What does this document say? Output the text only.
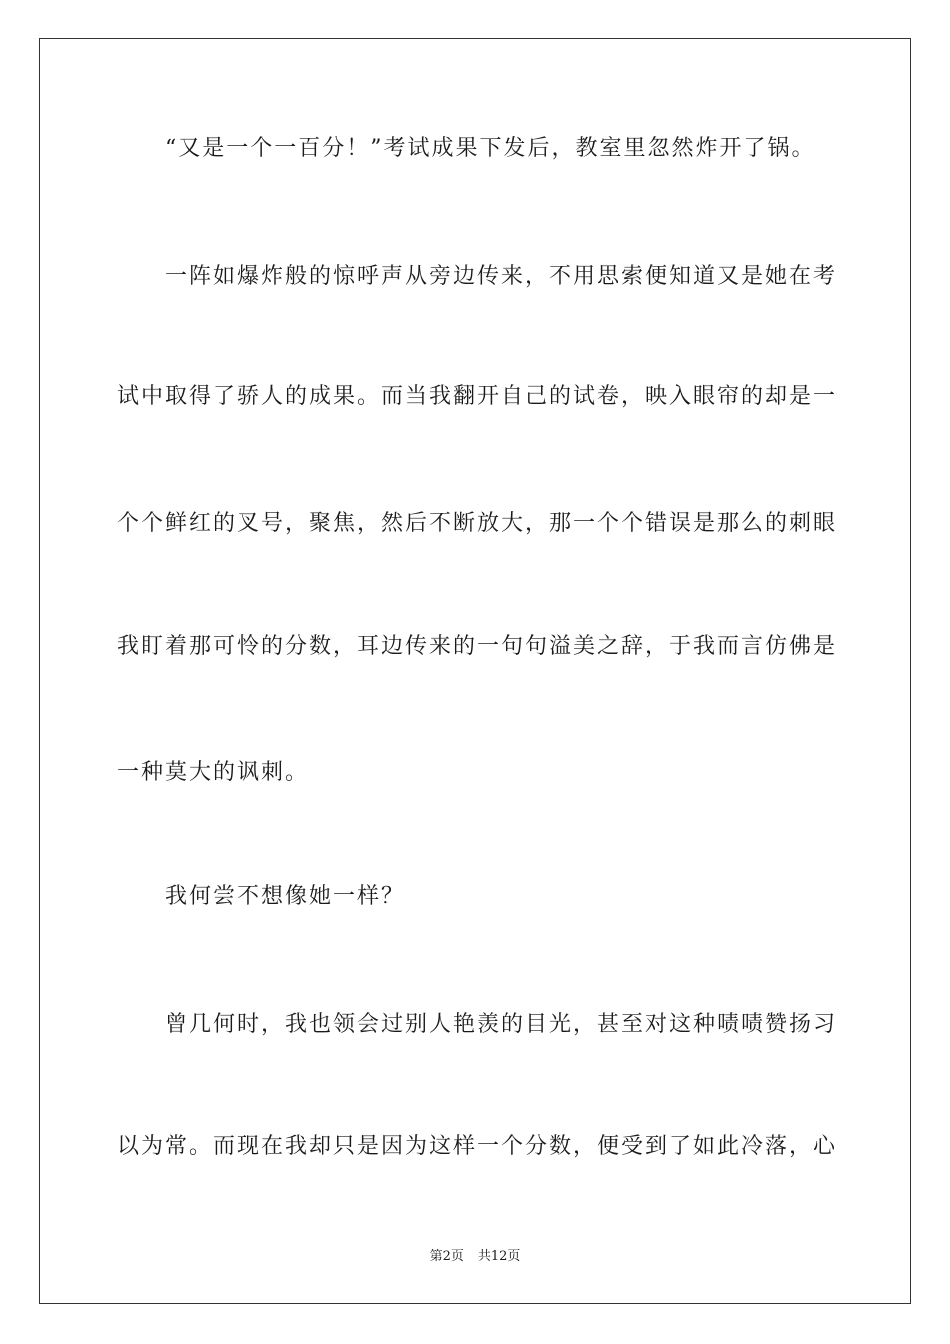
“又是一个一百分！”考试成果下发后，教室里忽然炸开了锅。
一阵如爆炸般的惊呼声从旁边传来，不用思索便知道又是她在考
试中取得了骄人的成果。而当我翻开自己的试卷，映入眼帘的却是一
个个鲜红的叉号，聚焦，然后不断放大，那一个个错误是那么的刺眼
我盯着那可怜的分数，耳边传来的一句句溢美之辞，于我而言仿佛是
一种莫大的讽刺。
我何尝不想像她一样？
曾几何时，我也领会过别人艳羡的目光，甚至对这种啧啧赞扬习
以为常。而现在我却只是因为这样一个分数，便受到了如此冷落，心
第2页 共12页
